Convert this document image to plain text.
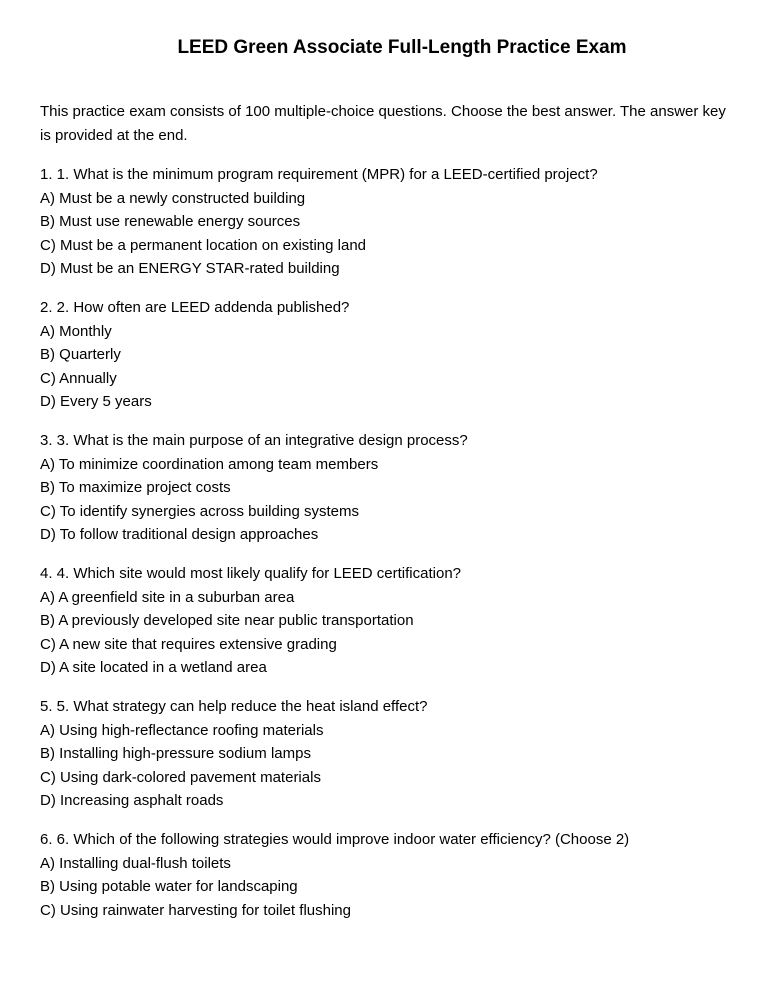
LEED Green Associate Full-Length Practice Exam

This practice exam consists of 100 multiple-choice questions. Choose the best answer. The answer key is provided at the end.

1. 1. What is the minimum program requirement (MPR) for a LEED-certified project?

A) Must be a newly constructed building

B) Must use renewable energy sources

C) Must be a permanent location on existing land

D) Must be an ENERGY STAR-rated building

2. 2. How often are LEED addenda published?

A) Monthly

B) Quarterly

C) Annually

D) Every 5 years

3. 3. What is the main purpose of an integrative design process?

A) To minimize coordination among team members

B) To maximize project costs

C) To identify synergies across building systems

D) To follow traditional design approaches

4. 4. Which site would most likely qualify for LEED certification?

A) A greenfield site in a suburban area

B) A previously developed site near public transportation

C) A new site that requires extensive grading

D) A site located in a wetland area

5. 5. What strategy can help reduce the heat island effect?

A) Using high-reflectance roofing materials

B) Installing high-pressure sodium lamps

C) Using dark-colored pavement materials

D) Increasing asphalt roads

6. 6. Which of the following strategies would improve indoor water efficiency? (Choose 2)

A) Installing dual-flush toilets

B) Using potable water for landscaping

C) Using rainwater harvesting for toilet flushing
